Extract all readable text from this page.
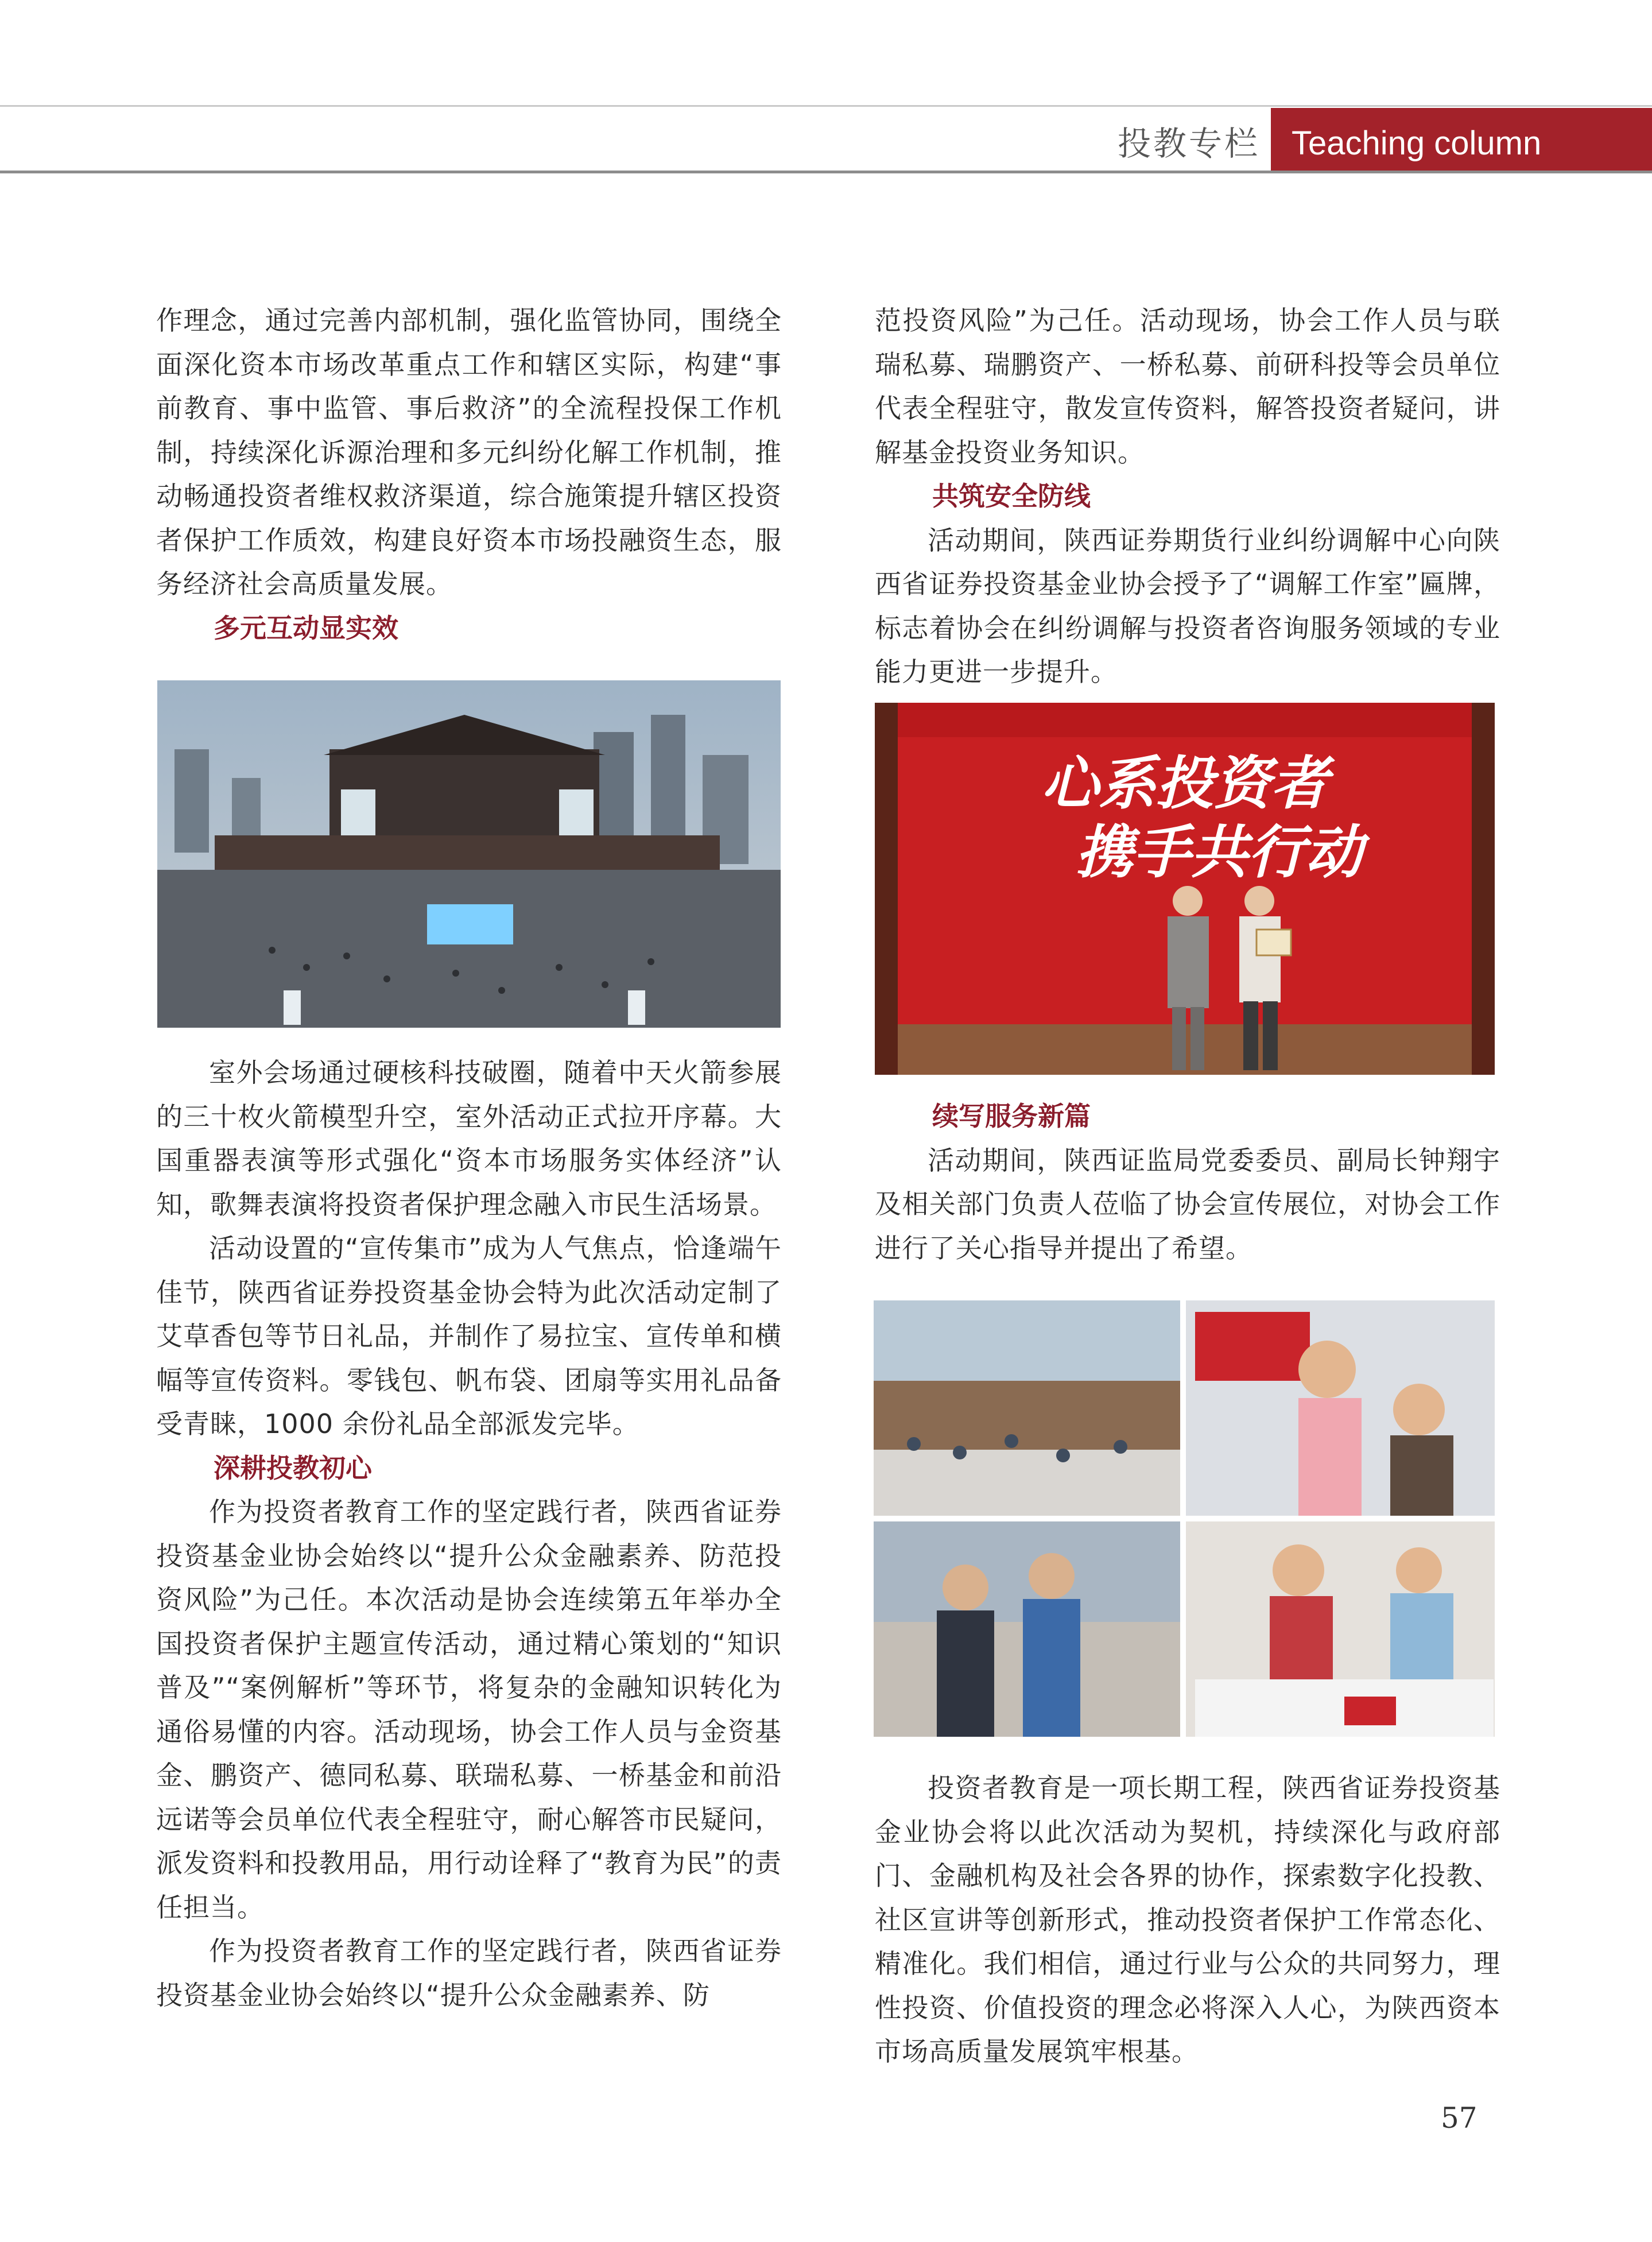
投教专栏 Teaching column

作理念，通过完善内部机制，强化监管协同，围绕全面深化资本市场改革重点工作和辖区实际，构建“事前教育、事中监管、事后救济”的全流程投保工作机制，持续深化诉源治理和多元纠纷化解工作机制，推动畅通投资者维权救济渠道，综合施策提升辖区投资者保护工作质效，构建良好资本市场投融资生态，服务经济社会高质量发展。

多元互动显实效

室外会场通过硬核科技破圈，随着中天火箭参展的三十枚火箭模型升空，室外活动正式拉开序幕。大国重器表演等形式强化“资本市场服务实体经济”认知，歌舞表演将投资者保护理念融入市民生活场景。

活动设置的“宣传集市”成为人气焦点，恰逢端午佳节，陕西省证券投资基金协会特为此次活动定制了艾草香包等节日礼品，并制作了易拉宝、宣传单和横幅等宣传资料。零钱包、帆布袋、团扇等实用礼品备受青睐，1000 余份礼品全部派发完毕。

深耕投教初心

作为投资者教育工作的坚定践行者，陕西省证券投资基金业协会始终以“提升公众金融素养、防范投资风险”为己任。本次活动是协会连续第五年举办全国投资者保护主题宣传活动，通过精心策划的“知识普及”“案例解析”等环节，将复杂的金融知识转化为通俗易懂的内容。活动现场，协会工作人员与金资基金、鹏资产、德同私募、联瑞私募、一桥基金和前沿远诺等会员单位代表全程驻守，耐心解答市民疑问，派发资料和投教用品，用行动诠释了“教育为民”的责任担当。

作为投资者教育工作的坚定践行者，陕西省证券投资基金业协会始终以“提升公众金融素养、防

范投资风险”为己任。活动现场，协会工作人员与联瑞私募、瑞鹏资产、一桥私募、前研科投等会员单位代表全程驻守，散发宣传资料，解答投资者疑问，讲解基金投资业务知识。

共筑安全防线

活动期间，陕西证券期货行业纠纷调解中心向陕西省证券投资基金业协会授予了“调解工作室”匾牌，标志着协会在纠纷调解与投资者咨询服务领域的专业能力更进一步提升。

心系投资者
携手共行动
续写服务新篇

活动期间，陕西证监局党委委员、副局长钟翔宇及相关部门负责人莅临了协会宣传展位，对协会工作进行了关心指导并提出了希望。

投资者教育是一项长期工程，陕西省证券投资基金业协会将以此次活动为契机，持续深化与政府部门、金融机构及社会各界的协作，探索数字化投教、社区宣讲等创新形式，推动投资者保护工作常态化、精准化。我们相信，通过行业与公众的共同努力，理性投资、价值投资的理念必将深入人心，为陕西资本市场高质量发展筑牢根基。

57
